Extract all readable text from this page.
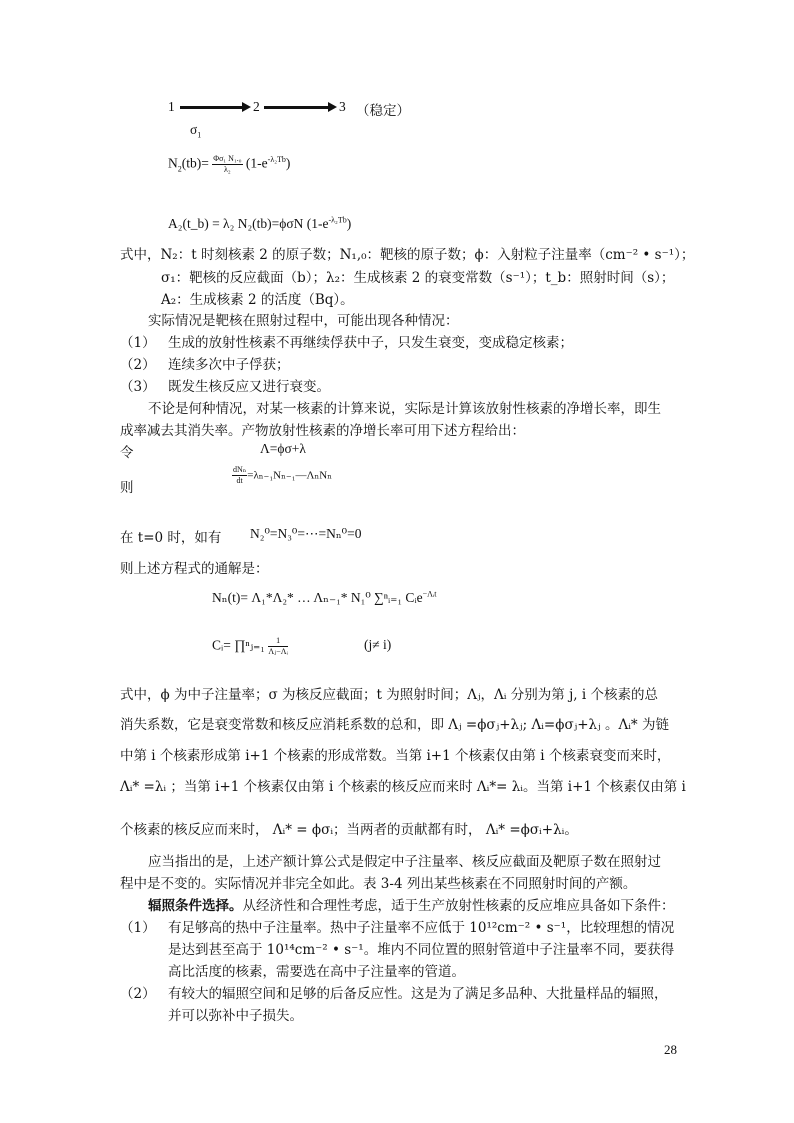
1	2	3 （稳定）
$\sigma_1$
$N_2(tb)= \frac{\text{Φσ₁ N₁.₀}}{\text{λ₂}} (1-e^{-\lambda_2Tb})$
A₂(t_b) = λ₂ N₂(tb)=ϕσN $(1-e^{-\lambda_2Tb})$
式中，N₂：t 时刻核素 2 的原子数；N₁,₀：靶核的原子数；ϕ：入射粒子注量率（cm⁻² • s⁻¹）；
σ₁：靶核的反应截面（b）；λ₂：生成核素 2 的衰变常数（s⁻¹）；t_b：照射时间（s）；
A₂：生成核素 2 的活度（Bq）。
实际情况是靶核在照射过程中，可能出现各种情况：
（1） 生成的放射性核素不再继续俘获中子，只发生衰变，变成稳定核素；
（2） 连续多次中子俘获；
（3） 既发生核反应又进行衰变。
不论是何种情况，对某一核素的计算来说，实际是计算该放射性核素的净增长率，即生
成率减去其消失率。产物放射性核素的净增长率可用下述方程给出：
令	Λ=ϕσ+λ
则
$\frac{\text{dNₙ}}{dt}$ =λₙ₋₁Nₙ₋₁—ΛₙNₙ
在 t=0 时，如有 N₂⁰=N₃⁰=⋯=Nₙ⁰=0
则上述方程式的通解是：
Nₙ(t)= Λ₁*Λ₂* … Λₙ₋₁* N₁⁰ ∑ⁿᵢ₌₁ Cᵢe$^{-\Lambda ᵢt}$
Cᵢ= ∏ⁿⱼ₌₁ $\frac{1}{\text{Λⱼ−Λᵢ}}$	(j≠ i)
式中，ϕ 为中子注量率；σ 为核反应截面；t 为照射时间；Λⱼ，Λᵢ 分别为第 j, i 个核素的总
消失系数，它是衰变常数和核反应消耗系数的总和，即 Λⱼ =ϕσⱼ+λⱼ; Λᵢ=ϕσⱼ+λⱼ 。Λᵢ* 为链
中第 i 个核素形成第 i+1 个核素的形成常数。当第 i+1 个核素仅由第 i 个核素衰变而来时，
Λᵢ* =λᵢ ；当第 i+1 个核素仅由第 i 个核素的核反应而来时 Λᵢ*= λᵢ。当第 i+1 个核素仅由第 i
个核素的核反应而来时， Λᵢ* = ϕσᵢ；当两者的贡献都有时， Λᵢ* =ϕσᵢ+λᵢ。
应当指出的是，上述产额计算公式是假定中子注量率、核反应截面及靶原子数在照射过
程中是不变的。实际情况并非完全如此。表 3-4 列出某些核素在不同照射时间的产额。
辐照条件选择。从经济性和合理性考虑，适于生产放射性核素的反应堆应具备如下条件：
（1） 有足够高的热中子注量率。热中子注量率不应低于 10¹²cm⁻² • s⁻¹，比较理想的情况
是达到甚至高于 10¹⁴cm⁻² • s⁻¹。堆内不同位置的照射管道中子注量率不同，要获得
高比活度的核素，需要选在高中子注量率的管道。
（2） 有较大的辐照空间和足够的后备反应性。这是为了满足多品种、大批量样品的辐照，
并可以弥补中子损失。
28
